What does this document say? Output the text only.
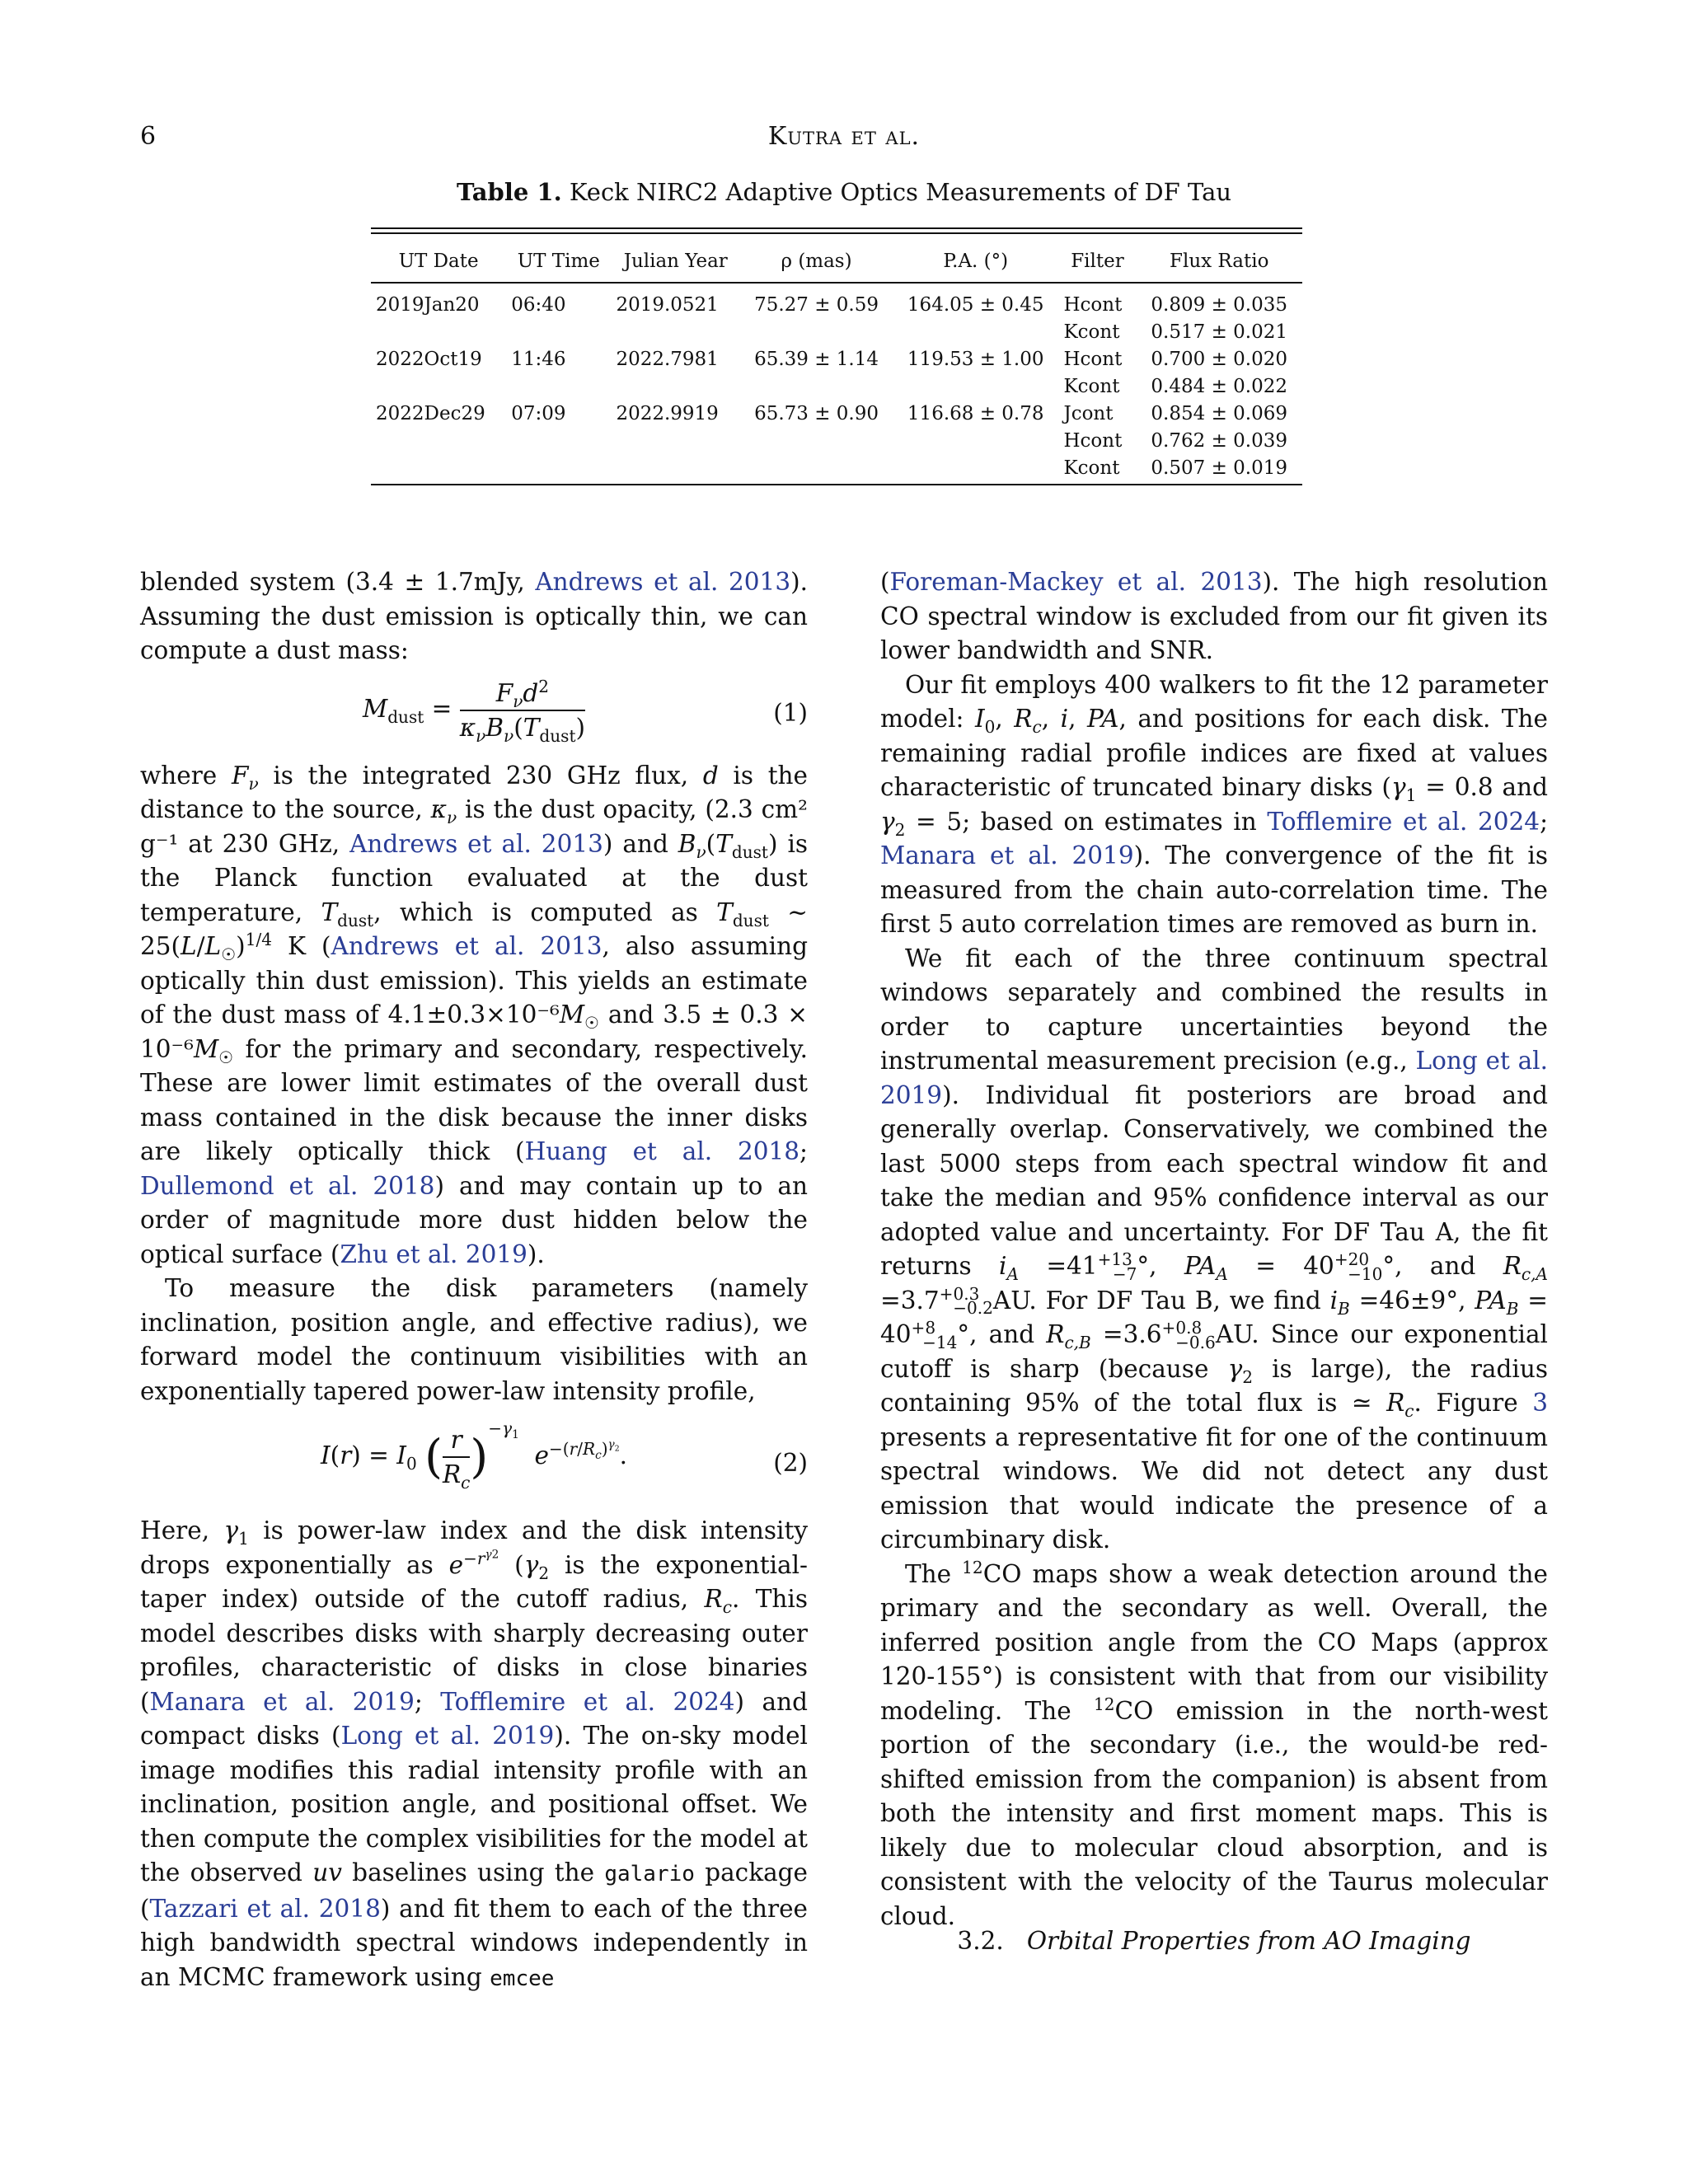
6	Kutra et al.
Table 1. Keck NIRC2 Adaptive Optics Measurements of DF Tau
UT Date	UT Time	Julian Year	ρ (mas)	P.A. (°)	Filter	Flux Ratio
2019Jan20	06:40	2019.0521	75.27 ± 0.59	164.05 ± 0.45	Hcont	0.809 ± 0.035
					Kcont	0.517 ± 0.021
2022Oct19	11:46	2022.7981	65.39 ± 1.14	119.53 ± 1.00	Hcont	0.700 ± 0.020
					Kcont	0.484 ± 0.022
2022Dec29	07:09	2022.9919	65.73 ± 0.90	116.68 ± 0.78	Jcont	0.854 ± 0.069
					Hcont	0.762 ± 0.039
					Kcont	0.507 ± 0.019

blended system (3.4 ± 1.7mJy, Andrews et al. 2013). Assuming the dust emission is optically thin, we can compute a dust mass:

$M_{dust} = \frac{F_\nu d^2}{\kappa_\nu B_\nu(T_{dust})}$	(1)

where $F_\nu$ is the integrated 230 GHz flux, d is the distance to the source, $\kappa_\nu$ is the dust opacity, (2.3 cm² g⁻¹ at 230 GHz, Andrews et al. 2013) and $B_\nu(T_{dust})$ is the Planck function evaluated at the dust temperature, $T_{dust}$, which is computed as $T_{dust}$ ∼ $25(L/L_☉)^{1/4}$ K (Andrews et al. 2013, also assuming optically thin dust emission). This yields an estimate of the dust mass of $4.1\pm 0.3\times 10^{-6}M_☉$ and $3.5 \pm 0.3 \times 10^{-6}M_☉$ for the primary and secondary, respectively. These are lower limit estimates of the overall dust mass contained in the disk because the inner disks are likely optically thick (Huang et al. 2018; Dullemond et al. 2018) and may contain up to an order of magnitude more dust hidden below the optical surface (Zhu et al. 2019).

To measure the disk parameters (namely inclination, position angle, and effective radius), we forward model the continuum visibilities with an exponentially tapered power-law intensity profile,

$I(r) = I_0$ ( $\frac{r}{R_c} )^{-\gamma_1}$  $e^{-(r/R_c)^{\gamma_2}}$.	(2)

Here, $\gamma_1$ is power-law index and the disk intensity drops exponentially as $e^{-r^{\gamma 2}}$ ($\gamma_2$ is the exponential-taper index) outside of the cutoff radius, $R_c$. This model describes disks with sharply decreasing outer profiles, characteristic of disks in close binaries (Manara et al. 2019; Tofflemire et al. 2024) and compact disks (Long et al. 2019). The on-sky model image modifies this radial intensity profile with an inclination, position angle, and positional offset. We then compute the complex visibilities for the model at the observed uv baselines using the galario package (Tazzari et al. 2018) and fit them to each of the three high bandwidth spectral windows independently in an MCMC framework using emcee

(Foreman-Mackey et al. 2013). The high resolution CO spectral window is excluded from our fit given its lower bandwidth and SNR.

Our fit employs 400 walkers to fit the 12 parameter model: $I_0$, $R_c$, i, PA, and positions for each disk. The remaining radial profile indices are fixed at values characteristic of truncated binary disks ($\gamma_1 = 0.8$ and $\gamma_2 = 5$; based on estimates in Tofflemire et al. 2024; Manara et al. 2019). The convergence of the fit is measured from the chain auto-correlation time. The first 5 auto correlation times are removed as burn in.

We fit each of the three continuum spectral windows separately and combined the results in order to capture uncertainties beyond the instrumental measurement precision (e.g., Long et al. 2019). Individual fit posteriors are broad and generally overlap. Conservatively, we combined the last 5000 steps from each spectral window fit and take the median and 95% confidence interval as our adopted value and uncertainty. For DF Tau A, the fit returns $i_A =41^{+13}_{-7}^\circ$, $PA_A = 40^{+20}_{-10}^\circ$, and $R_{c,A} =3.7^{+0.3}_{-0.2}AU$. For DF Tau B, we find $i_B =46\pm 9^\circ$, $PA_B = 40^{+8}_{-14}^\circ$, and $R_{c,B} =3.6^{+0.8}_{-0.6}AU$. Since our exponential cutoff is sharp (because $\gamma_2$ is large), the radius containing 95% of the total flux is ≃ $R_c$. Figure 3 presents a representative fit for one of the continuum spectral windows. We did not detect any dust emission that would indicate the presence of a circumbinary disk.

The $^{12}$CO maps show a weak detection around the primary and the secondary as well. Overall, the inferred position angle from the CO Maps (approx 120-155°) is consistent with that from our visibility modeling. The $^{12}$CO emission in the north-west portion of the secondary (i.e., the would-be red-shifted emission from the companion) is absent from both the intensity and first moment maps. This is likely due to molecular cloud absorption, and is consistent with the velocity of the Taurus molecular cloud.

3.2. Orbital Properties from AO Imaging
